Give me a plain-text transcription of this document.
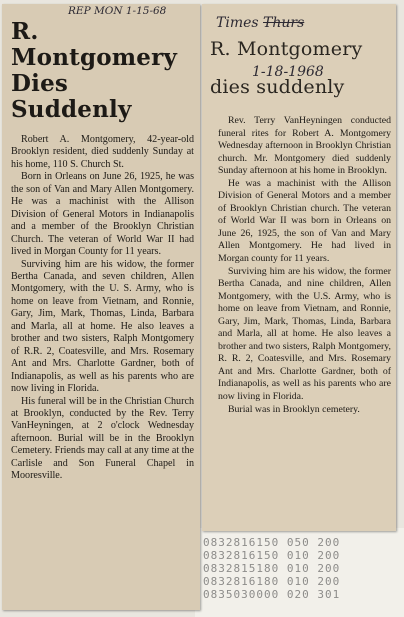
0832816150 050 200
0832816150 010 200
0832815180 010 200
0832816180 010 200
0835030000 020 301
REP MON 1-15-68
R. Montgomery
Dies Suddenly

Robert A. Montgomery, 42-year-old Brooklyn resident, died suddenly Sunday at his home, 110 S. Church St.

Born in Orleans on June 26, 1925, he was the son of Van and Mary Allen Montgomery. He was a machinist with the Allison Division of General Motors in Indianapolis and a member of the Brooklyn Christian Church. The veteran of World War II had lived in Morgan County for 11 years.

Surviving him are his widow, the former Bertha Canada, and seven children, Allen Montgomery, with the U. S. Army, who is home on leave from Vietnam, and Ronnie, Gary, Jim, Mark, Thomas, Linda, Barbara and Marla, all at home. He also leaves a brother and two sisters, Ralph Montgomery of R.R. 2, Coatesville, and Mrs. Rosemary Ant and Mrs. Charlotte Gardner, both of Indianapolis, as well as his parents who are now living in Florida.

His funeral will be in the Christian Church at Brooklyn, conducted by the Rev. Terry VanHeyningen, at 2 o'clock Wednesday afternoon. Burial will be in the Brooklyn Cemetery. Friends may call at any time at the Carlisle and Son Funeral Chapel in Mooresville.

Times Thurs
1-18-1968
R. Montgomery
dies suddenly

Rev. Terry VanHeyningen conducted funeral rites for Robert A. Montgomery Wednesday afternoon in Brooklyn Christian church. Mr. Montgomery died suddenly Sunday afternoon at his home in Brooklyn.

He was a machinist with the Allison Division of General Motors and a member of Brooklyn Christian church. The veteran of World War II was born in Orleans on June 26, 1925, the son of Van and Mary Allen Montgomery. He had lived in Morgan county for 11 years.

Surviving him are his widow, the former Bertha Canada, and nine children, Allen Montgomery, with the U.S. Army, who is home on leave from Vietnam, and Ronnie, Gary, Jim, Mark, Thomas, Linda, Barbara and Marla, all at home. He also leaves a brother and two sisters, Ralph Montgomery, R. R. 2, Coatesville, and Mrs. Rosemary Ant and Mrs. Charlotte Gardner, both of Indianapolis, as well as his parents who are now living in Florida.

Burial was in Brooklyn cemetery.
